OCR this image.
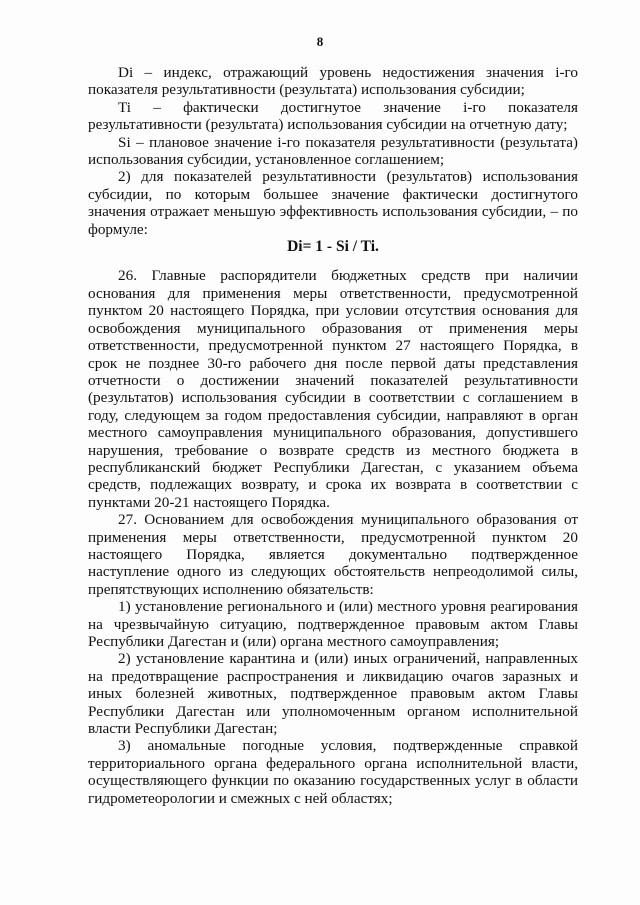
8

Di – индекс, отражающий уровень недостижения значения i-го показателя результативности (результата) использования субсидии;

Ti – фактически достигнутое значение i-го показателя результативности (результата) использования субсидии на отчетную дату;

Si – плановое значение i-го показателя результативности (результата) использования субсидии, установленное соглашением;

2) для показателей результативности (результатов) использования субсидии, по которым большее значение фактически достигнутого значения отражает меньшую эффективность использования субсидии, – по формуле:

Di= 1 - Si / Ti.

26. Главные распорядители бюджетных средств при наличии основания для применения меры ответственности, предусмотренной пунктом 20 настоящего Порядка, при условии отсутствия основания для освобождения муниципального образования от применения меры ответственности, предусмотренной пунктом 27 настоящего Порядка, в срок не позднее 30-го рабочего дня после первой даты представления отчетности о достижении значений показателей результативности (результатов) использования субсидии в соответствии с соглашением в году, следующем за годом предоставления субсидии, направляют в орган местного самоуправления муниципального образования, допустившего нарушения, требование о возврате средств из местного бюджета в республиканский бюджет Республики Дагестан, с указанием объема средств, подлежащих возврату, и срока их возврата в соответствии с пунктами 20-21 настоящего Порядка.

27. Основанием для освобождения муниципального образования от применения меры ответственности, предусмотренной пунктом 20 настоящего Порядка, является документально подтвержденное наступление одного из следующих обстоятельств непреодолимой силы, препятствующих исполнению обязательств:

1) установление регионального и (или) местного уровня реагирования на чрезвычайную ситуацию, подтвержденное правовым актом Главы Республики Дагестан и (или) органа местного самоуправления;

2) установление карантина и (или) иных ограничений, направленных на предотвращение распространения и ликвидацию очагов заразных и иных болезней животных, подтвержденное правовым актом Главы Республики Дагестан или уполномоченным органом исполнительной власти Республики Дагестан;

3) аномальные погодные условия, подтвержденные справкой территориального органа федерального органа исполнительной власти, осуществляющего функции по оказанию государственных услуг в области гидрометеорологии и смежных с ней областях;
